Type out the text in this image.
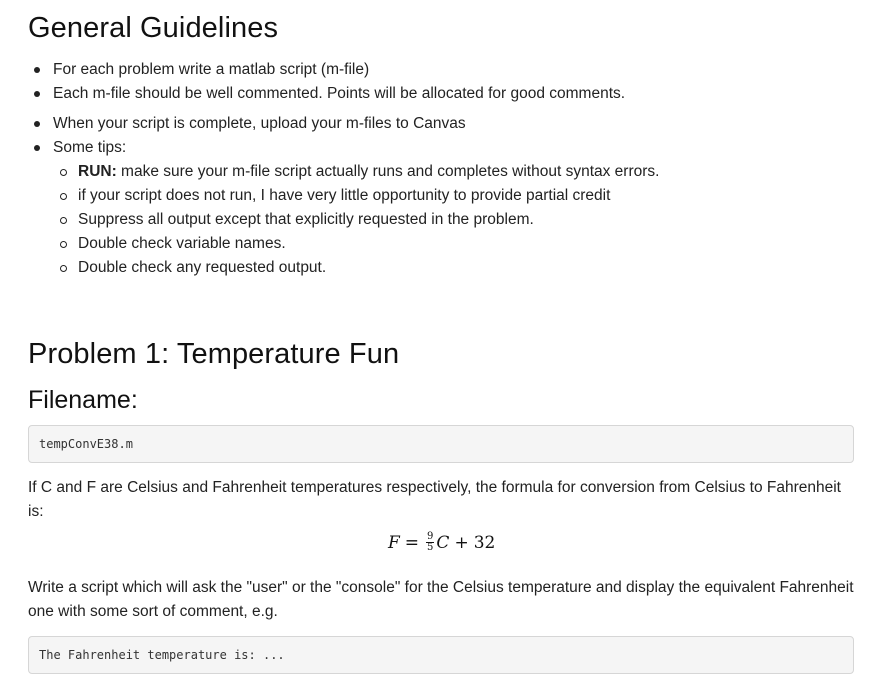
General Guidelines
For each problem write a matlab script (m-file)
Each m-file should be well commented. Points will be allocated for good comments.
When your script is complete, upload your m-files to Canvas
Some tips:
RUN: make sure your m-file script actually runs and completes without syntax errors.
if your script does not run, I have very little opportunity to provide partial credit
Suppress all output except that explicitly requested in the problem.
Double check variable names.
Double check any requested output.
Problem 1: Temperature Fun
Filename:
tempConvE38.m

If C and F are Celsius and Fahrenheit temperatures respectively, the formula for conversion from Celsius to Fahrenheit is:

$F = \frac{9}{5}$ C + 32

Write a script which will ask the "user" or the "console" for the Celsius temperature and display the equivalent Fahrenheit one with some sort of comment, e.g.

The Fahrenheit temperature is: ...
